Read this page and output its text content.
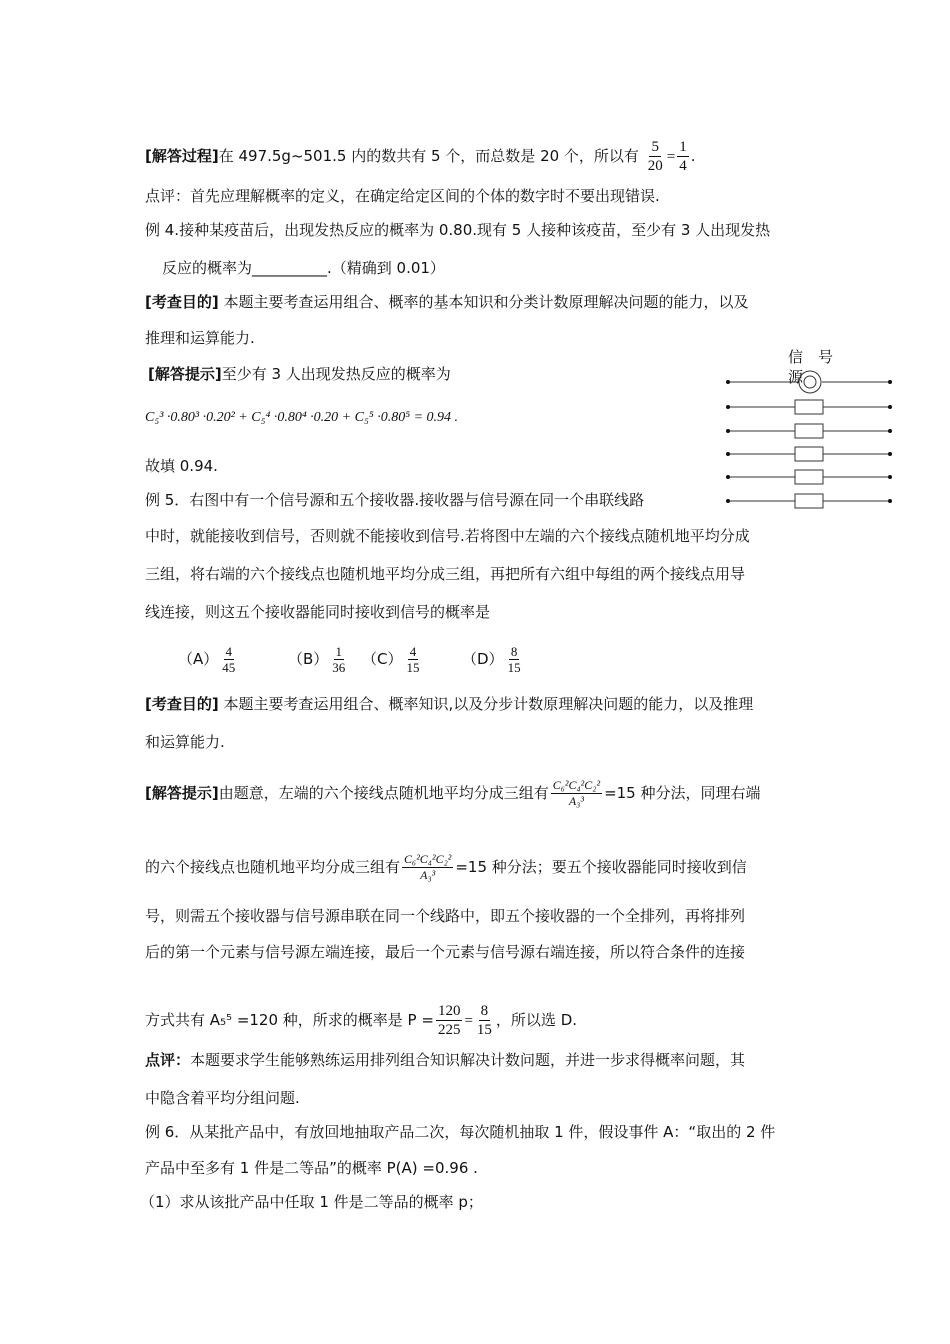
[解答过程]在 497.5g~501.5 内的数共有 5 个，而总数是 20 个，所以有 $\frac{5}{20} = \frac{1}{4}$ .
点评：首先应理解概率的定义，在确定给定区间的个体的数字时不要出现错误.
例 4.接种某疫苗后，出现发热反应的概率为 0.80.现有 5 人接种该疫苗，至少有 3 人出现发热
反应的概率为__________.（精确到 0.01）
[考查目的] 本题主要考查运用组合、概率的基本知识和分类计数原理解决问题的能力，以及
推理和运算能力.
[解答提示]至少有 3 人出现发热反应的概率为
C₅³ ·0.80³ ·0.20² + C₅⁴ ·0.80⁴ ·0.20 + C₅⁵ ·0.80⁵ = 0.94 .
故填 0.94.
信 号
源
例 5．右图中有一个信号源和五个接收器.接收器与信号源在同一个串联线路
中时，就能接收到信号，否则就不能接收到信号.若将图中左端的六个接线点随机地平均分成
三组，将右端的六个接线点也随机地平均分成三组，再把所有六组中每组的两个接线点用导
线连接，则这五个接收器能同时接收到信号的概率是
$(A) \frac{4}{45}$	$(B) \frac{1}{36} (C) \frac{4}{15}$	$(D) \frac{8}{15}$
[考查目的] 本题主要考查运用组合、概率知识,以及分步计数原理解决问题的能力，以及推理
和运算能力.
[解答提示]由题意，左端的六个接线点随机地平均分成三组有 $\frac{\text{C₆²C₄²C₂²}}{\text{A₃³}} =15$ 种分法，同理右端
的六个接线点也随机地平均分成三组有 $\frac{\text{C₆²C₄²C₂²}}{\text{A₃³}} =15$ 种分法；要五个接收器能同时接收到信
号，则需五个接收器与信号源串联在同一个线路中，即五个接收器的一个全排列，再将排列
后的第一个元素与信号源左端连接，最后一个元素与信号源右端连接，所以符合条件的连接
方式共有 A₅⁵ =120 种，所求的概率是 $P = \frac{120}{225} = \frac{8}{15}$ ，所以选 D.
点评：本题要求学生能够熟练运用排列组合知识解决计数问题，并进一步求得概率问题，其
中隐含着平均分组问题.
例 6．从某批产品中，有放回地抽取产品二次，每次随机抽取 1 件，假设事件 A：“取出的 2 件
产品中至多有 1 件是二等品”的概率 P(A) =0.96 .
（1）求从该批产品中任取 1 件是二等品的概率 p；
